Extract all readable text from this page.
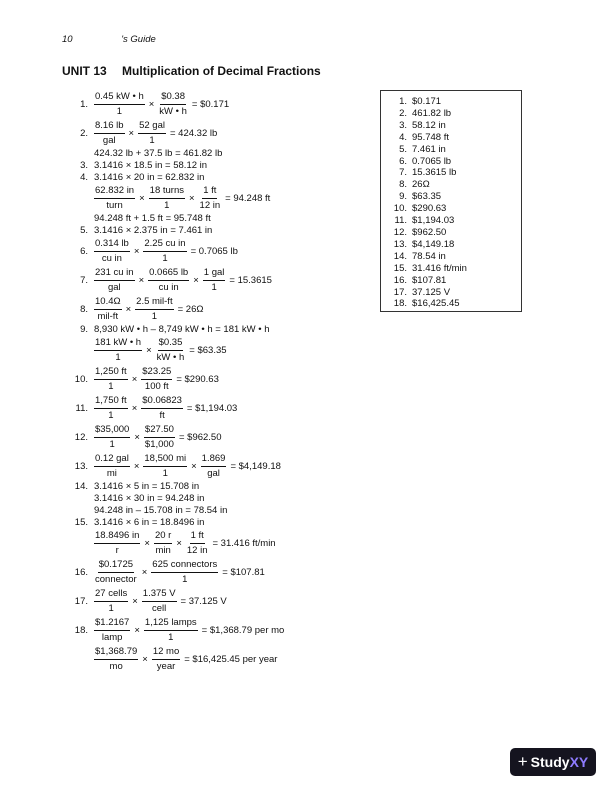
10	's Guide
UNIT 13 Multiplication of Decimal Fractions
1. $\frac{0.45 kW • h}{1} \times \frac{\$0.38}{kW • h}$ = $0.171
2.
8.16 lb
gal
×
52 gal
1
= 424.32 lb
424.32 lb + 37.5 lb = 461.82 lb
3. 3.1416 × 18.5 in = 58.12 in
4. 3.1416 × 20 in = 62.832 in
62.832 in
turn
×
18 turns
1
× $\frac{1 ft}{12 in} = 94.248$ ft
94.248 ft + 1.5 ft = 95.748 ft
5. 3.1416 × 2.375 in = 7.461 in
6. $\frac{0.314 lb}{\text{cu in}} \times \frac{\text{2.25 cu in}}{1} = 0.7065$ lb
7.
231 cu in
gal
× $\frac{0.0665 lb}{\text{cu in}}$ ×
1 gal
1
= 15.3615
8.
10.4Ω
mil-ft
×
2.5 mil-ft
1
= 26Ω
9. 8,930 kW • h – 8,749 kW • h = 181 kW • h
$\frac{181 kW • h}{1} \times \frac{\$0.35}{kW • h}$ = $63.35
10. $\frac{1,250 ft}{1} \times \frac{\$23.25}{100 ft}$ = $290.63
11. $\frac{1,750 ft}{1} \times \frac{\$0.06823}{ft}$ = $1,194.03
12. $\frac{\$35,000}{1} \times \frac{\$27.50}{\$1,000}$ = $962.50
13.
0.12 gal
mi
× $\frac{18,500 mi}{1}$ ×
1.869
gal
= $4,149.18
14. 3.1416 × 5 in = 15.708 in
3.1416 × 30 in = 94.248 in
94.248 in – 15.708 in = 78.54 in
15. 3.1416 × 6 in = 18.8496 in
$\frac{18.8496 in}{r}$ ×
20 r
min
× $\frac{1 ft}{12 in} = 31.416$ ft/min
16.
$0.1725
connector
×
625 connectors
1
= $107.81
17.
27 cells
1
×
1.375 V
cell
= 37.125 V
18.
$1.2167
lamp
×
1,125 lamps
1
= $1,368.79 per mo
$\frac{\$1,368.79}{mo}$ ×
12 mo
year
= $16,425.45 per year
1. $0.171
2. 461.82 lb
3. 58.12 in
4. 95.748 ft
5. 7.461 in
6. 0.7065 lb
7. 15.3615 lb
8. 26Ω
9. $63.35
10. $290.63
11. $1,194.03
12. $962.50
13. $4,149.18
14. 78.54 in
15. 31.416 ft/min
16. $107.81
17. 37.125 V
18. $16,425.45
+ Study XY
